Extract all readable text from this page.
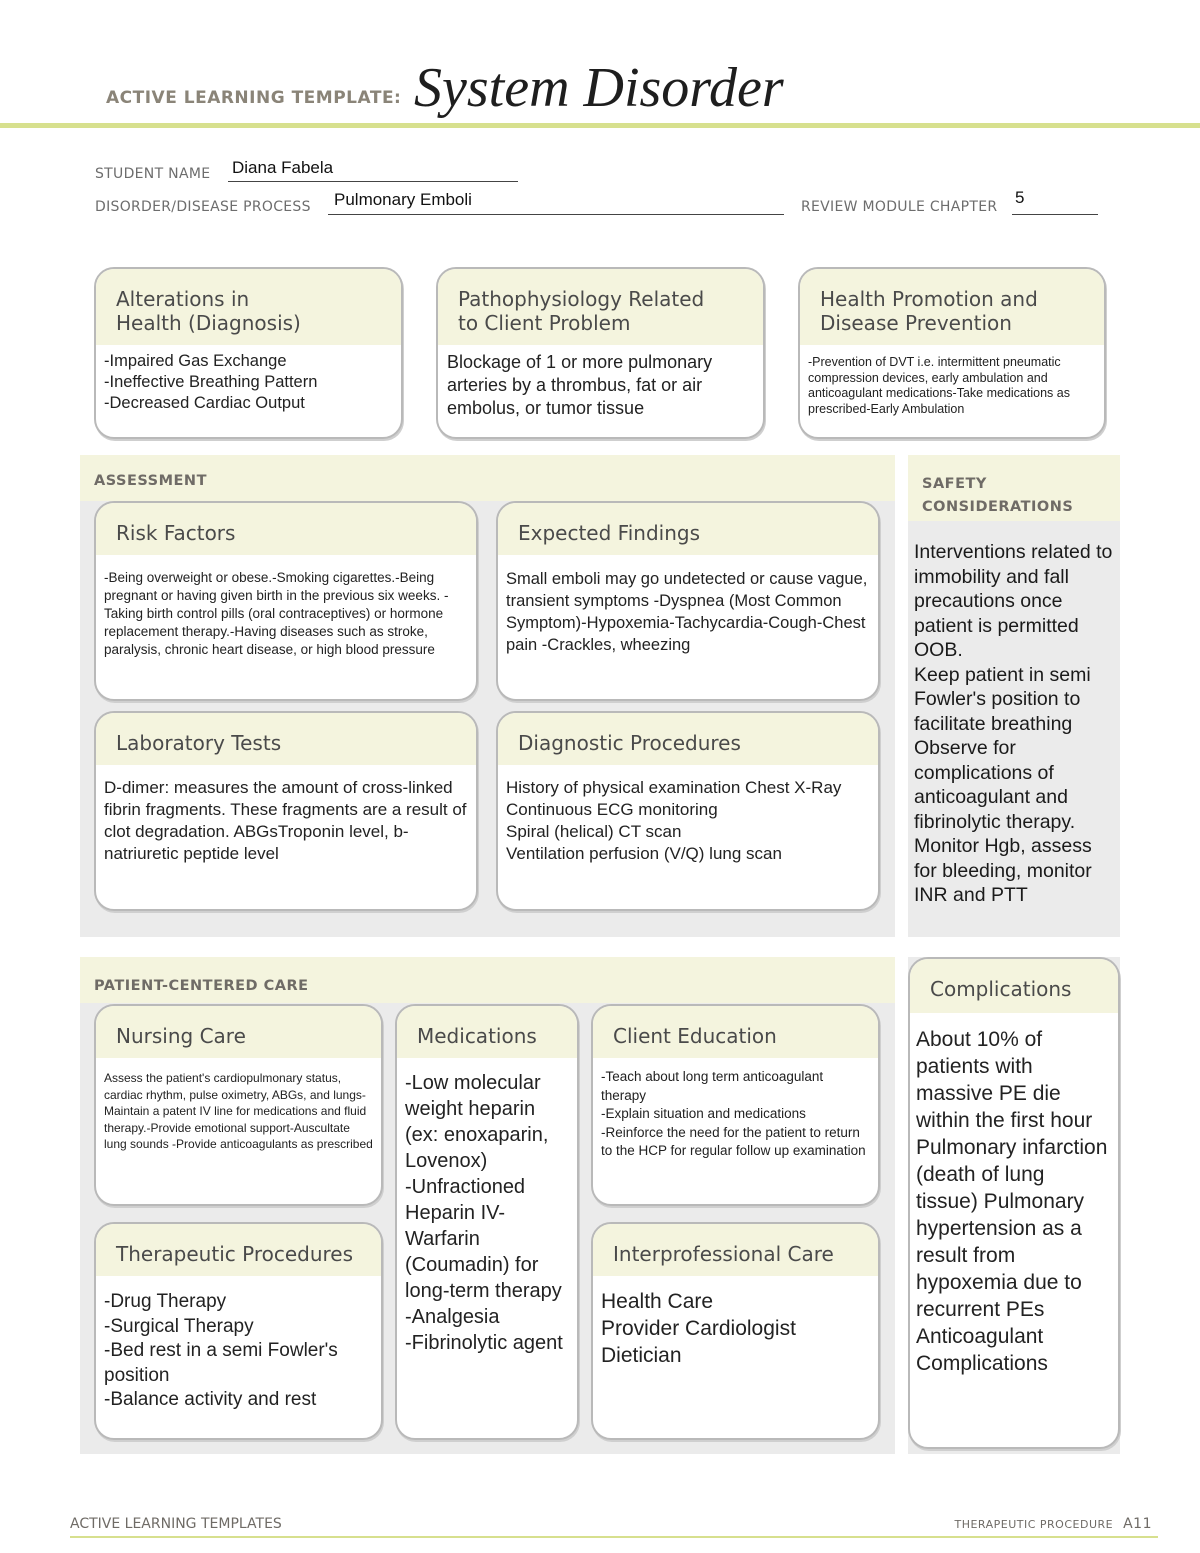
ACTIVE LEARNING TEMPLATE: System Disorder
STUDENT NAME Diana Fabela
DISORDER/DISEASE PROCESS Pulmonary Emboli	REVIEW MODULE CHAPTER 5
Alterations in
Health (Diagnosis)
-Impaired Gas Exchange
-Ineffective Breathing Pattern
-Decreased Cardiac Output
Pathophysiology Related
to Client Problem
Blockage of 1 or more pulmonary arteries by a thrombus, fat or air embolus, or tumor tissue
Health Promotion and
Disease Prevention
-Prevention of DVT i.e. intermittent pneumatic compression devices, early ambulation and anticoagulant medications-Take medications as prescribed-Early Ambulation
ASSESSMENT
Risk Factors
-Being overweight or obese.-Smoking cigarettes.-Being pregnant or having given birth in the previous six weeks. -Taking birth control pills (oral contraceptives) or hormone replacement therapy.-Having diseases such as stroke, paralysis, chronic heart disease, or high blood pressure
Expected Findings
Small emboli may go undetected or cause vague, transient symptoms -Dyspnea (Most Common
Symptom)-Hypoxemia-Tachycardia-Cough-Chest pain -Crackles, wheezing
Laboratory Tests
D-dimer: measures the amount of cross-linked fibrin fragments. These fragments are a result of clot degradation. ABGsTroponin level, b-natriuretic peptide level
Diagnostic Procedures
History of physical examination Chest X-Ray
Continuous ECG monitoring
Spiral (helical) CT scan
Ventilation perfusion (V/Q) lung scan
SAFETY
CONSIDERATIONS
Interventions related to immobility and fall precautions once patient is permitted OOB.
Keep patient in semi Fowler's position to facilitate breathing Observe for complications of anticoagulant and fibrinolytic therapy. Monitor Hgb, assess for bleeding, monitor INR and PTT
PATIENT-CENTERED CARE
Nursing Care
Assess the patient's cardiopulmonary status, cardiac rhythm, pulse oximetry, ABGs, and lungs-Maintain a patent IV line for medications and fluid therapy.-Provide emotional support-Auscultate lung sounds -Provide anticoagulants as prescribed
Medications
-Low molecular weight heparin (ex: enoxaparin, Lovenox)
-Unfractioned Heparin IV-Warfarin (Coumadin) for long-term therapy
-Analgesia
-Fibrinolytic agent
Client Education
-Teach about long term anticoagulant therapy
-Explain situation and medications
-Reinforce the need for the patient to return to the HCP for regular follow up examination
Therapeutic Procedures
-Drug Therapy
-Surgical Therapy
-Bed rest in a semi Fowler's position
-Balance activity and rest
Interprofessional Care
Health Care
Provider Cardiologist
Dietician
Complications
About 10% of patients with massive PE die within the first hour Pulmonary infarction (death of lung tissue) Pulmonary hypertension as a result from hypoxemia due to recurrent PEs Anticoagulant Complications
ACTIVE LEARNING TEMPLATES	THERAPEUTIC PROCEDURE A11
